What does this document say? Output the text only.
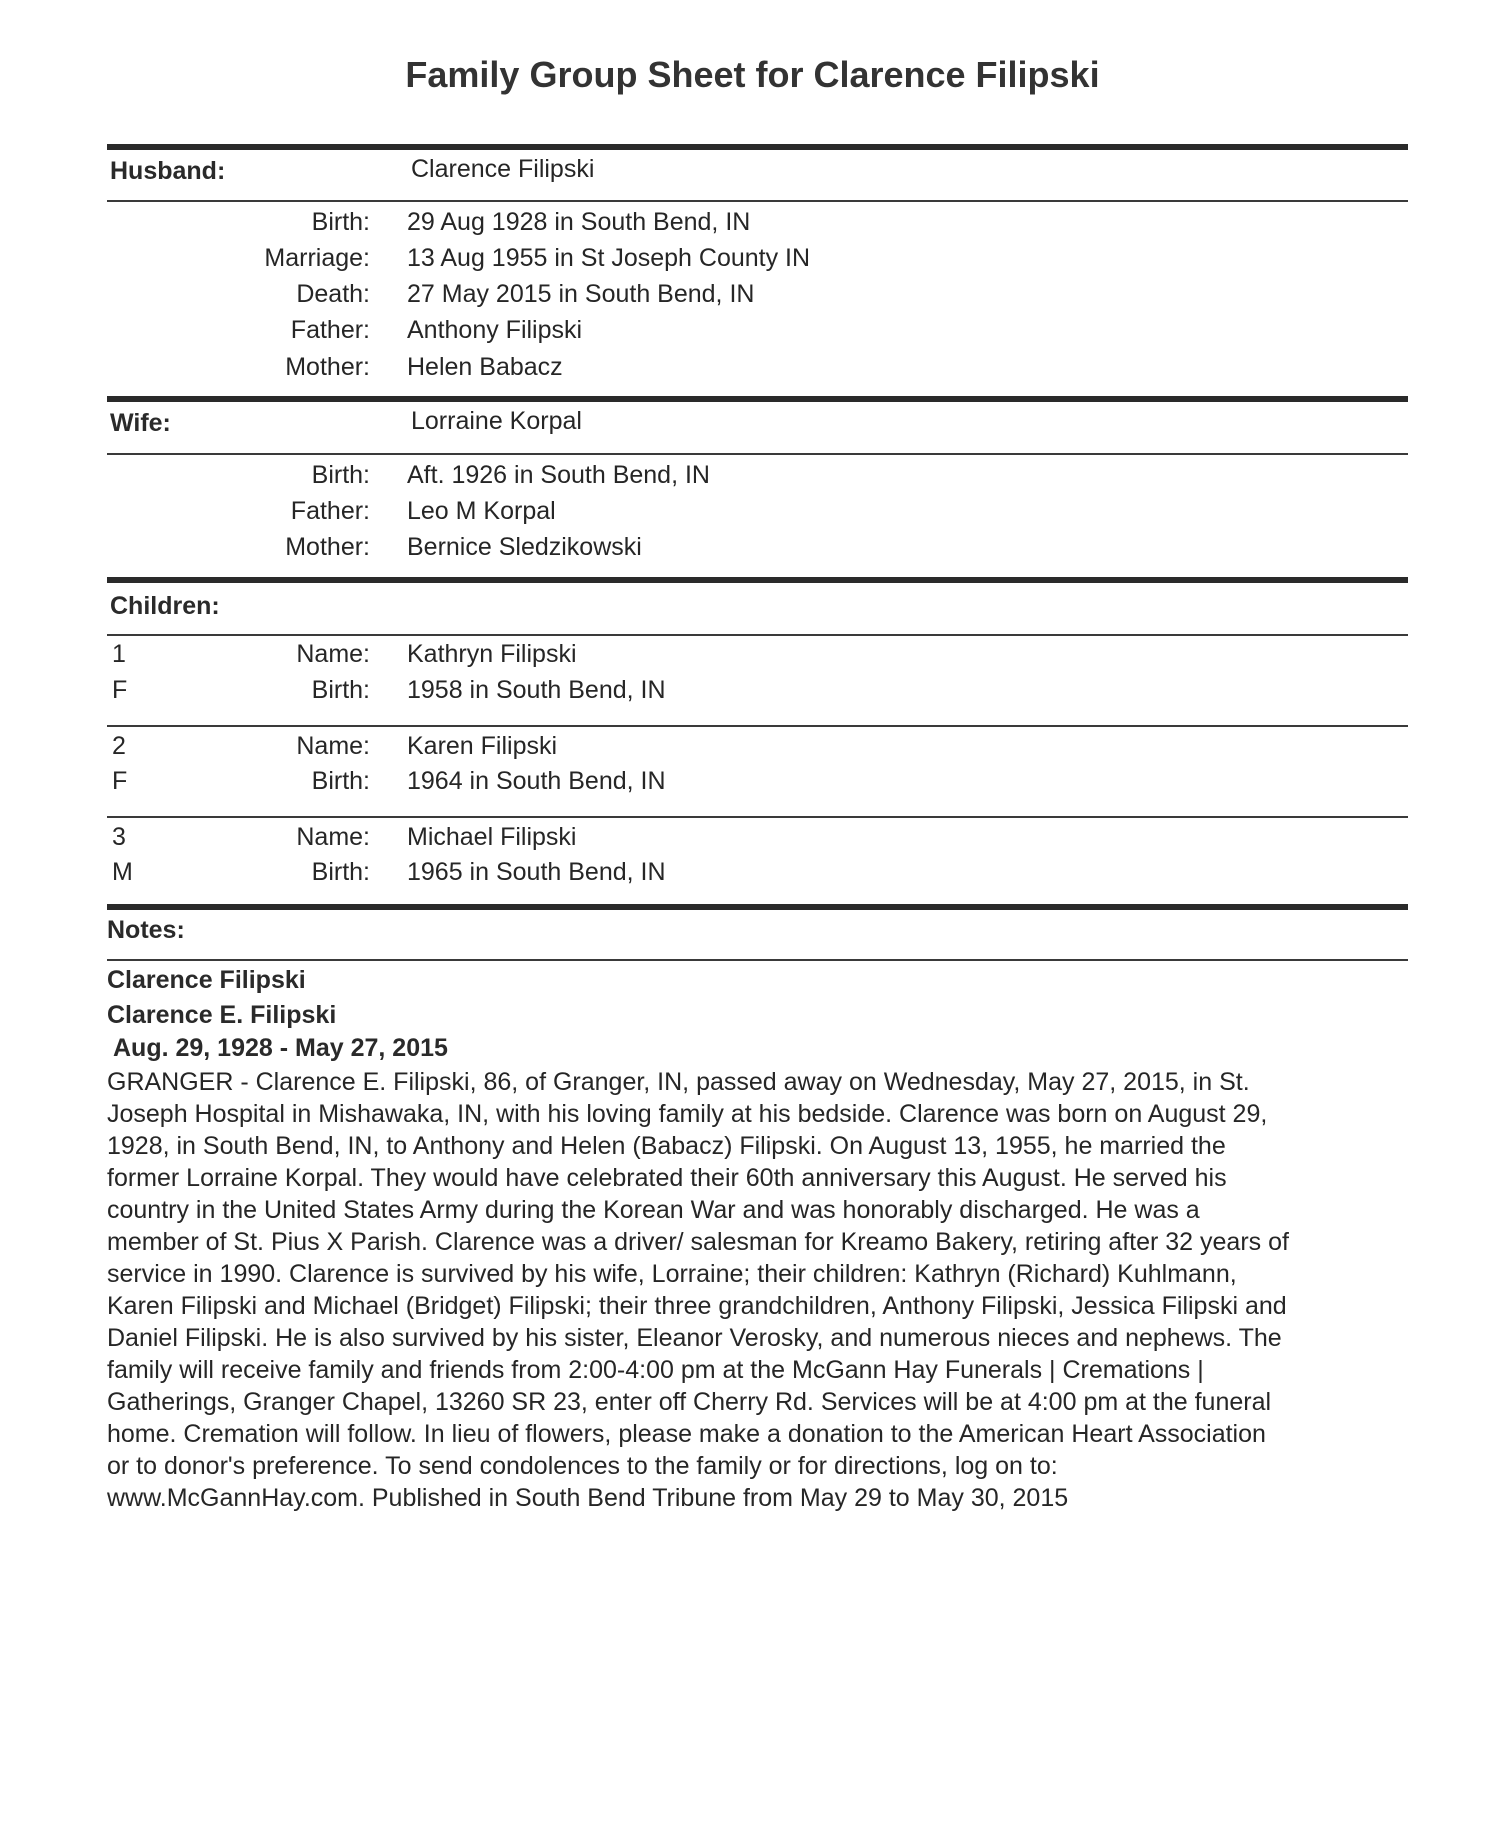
Family Group Sheet for Clarence Filipski
Husband:	Clarence Filipski
Birth: 29 Aug 1928 in South Bend, IN
Marriage: 13 Aug 1955 in St Joseph County IN
Death: 27 May 2015 in South Bend, IN
Father: Anthony Filipski
Mother: Helen Babacz
Wife:	Lorraine Korpal
Birth: Aft. 1926 in South Bend, IN
Father: Leo M Korpal
Mother: Bernice Sledzikowski
Children:
1	Name: Kathryn Filipski
F	Birth: 1958 in South Bend, IN
2	Name: Karen Filipski
F	Birth: 1964 in South Bend, IN
3	Name: Michael Filipski
M	Birth: 1965 in South Bend, IN
Notes:
Clarence Filipski
Clarence E. Filipski
Aug. 29, 1928 - May 27, 2015

GRANGER - Clarence E. Filipski, 86, of Granger, IN, passed away on Wednesday, May 27, 2015, in St.
Joseph Hospital in Mishawaka, IN, with his loving family at his bedside. Clarence was born on August 29,
1928, in South Bend, IN, to Anthony and Helen (Babacz) Filipski. On August 13, 1955, he married the
former Lorraine Korpal. They would have celebrated their 60th anniversary this August. He served his
country in the United States Army during the Korean War and was honorably discharged. He was a
member of St. Pius X Parish. Clarence was a driver/ salesman for Kreamo Bakery, retiring after 32 years of
service in 1990. Clarence is survived by his wife, Lorraine; their children: Kathryn (Richard) Kuhlmann,
Karen Filipski and Michael (Bridget) Filipski; their three grandchildren, Anthony Filipski, Jessica Filipski and
Daniel Filipski. He is also survived by his sister, Eleanor Verosky, and numerous nieces and nephews. The
family will receive family and friends from 2:00-4:00 pm at the McGann Hay Funerals | Cremations |
Gatherings, Granger Chapel, 13260 SR 23, enter off Cherry Rd. Services will be at 4:00 pm at the funeral
home. Cremation will follow. In lieu of flowers, please make a donation to the American Heart Association
or to donor's preference. To send condolences to the family or for directions, log on to:
www.McGannHay.com. Published in South Bend Tribune from May 29 to May 30, 2015
